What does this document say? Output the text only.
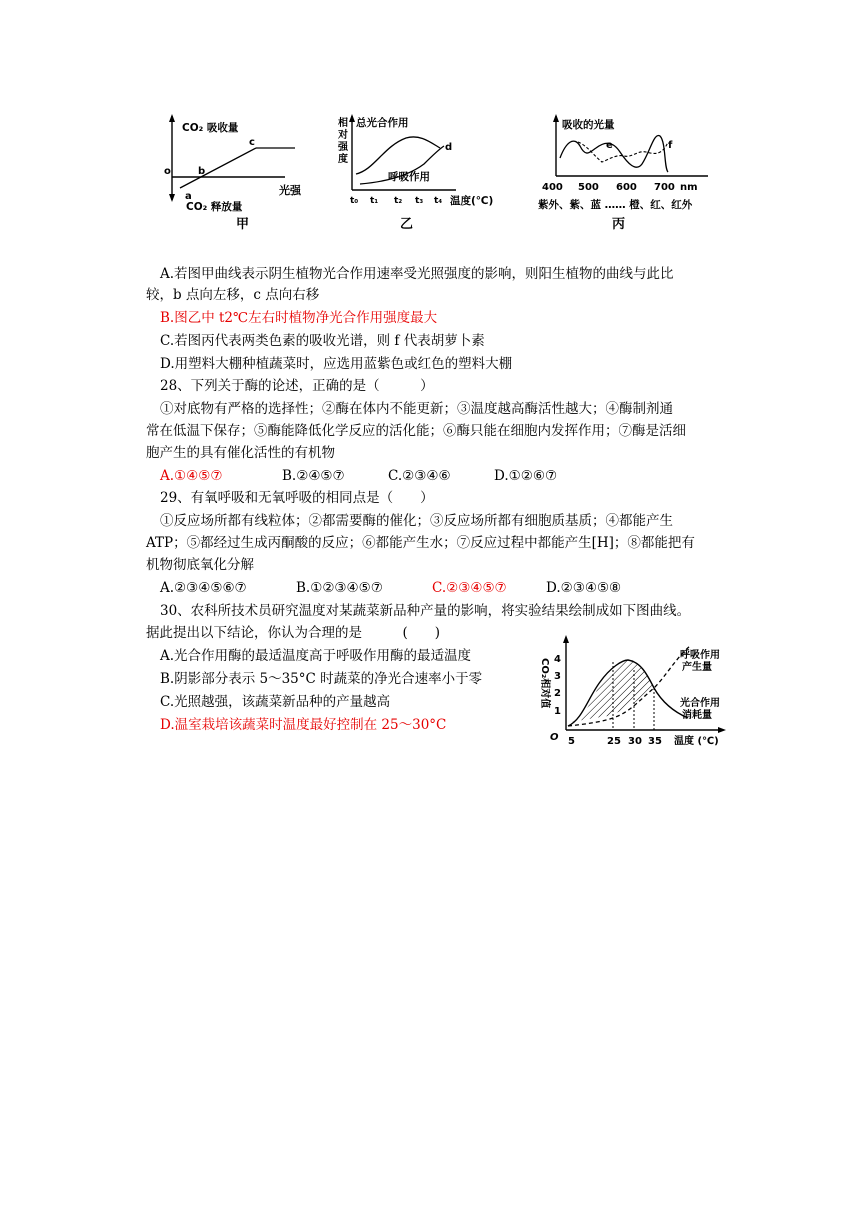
o
CO₂ 吸收量
CO₂ 释放量
光强
a
b
c
甲
相
对
强
度
总光合作用
d
呼吸作用
温度(℃)
t₀ t₁ t₂ t₃ t₄
乙
吸收的光量
e	f
400 500 600 700 nm
紫外、紫、蓝 …… 橙、红、红外
丙
A.若图甲曲线表示阴生植物光合作用速率受光照强度的影响，则阳生植物的曲线与此比
较，b 点向左移，c 点向右移
B.图乙中 t2℃左右时植物净光合作用强度最大
C.若图丙代表两类色素的吸收光谱，则 f 代表胡萝卜素
D.用塑料大棚种植蔬菜时，应选用蓝紫色或红色的塑料大棚
28、下列关于酶的论述，正确的是（　　　）
①对底物有严格的选择性；②酶在体内不能更新；③温度越高酶活性越大；④酶制剂通
常在低温下保存；⑤酶能降低化学反应的活化能；⑥酶只能在细胞内发挥作用；⑦酶是活细
胞产生的具有催化活性的有机物
A.①④⑤⑦	B.②④⑤⑦	C.②③④⑥	D.①②⑥⑦
29、有氧呼吸和无氧呼吸的相同点是（　　）
①反应场所都有线粒体；②都需要酶的催化；③反应场所都有细胞质基质；④都能产生
ATP；⑤都经过生成丙酮酸的反应；⑥都能产生水；⑦反应过程中都能产生[H]；⑧都能把有
机物彻底氧化分解
A.②③④⑤⑥⑦	B.①②③④⑤⑦	C.②③④⑤⑦	D.②③④⑤⑧
30、农科所技术员研究温度对某蔬菜新品种产量的影响，将实验结果绘制成如下图曲线。
据此提出以下结论，你认为合理的是　　　(　　)
A.光合作用酶的最适温度高于呼吸作用酶的最适温度
B.阴影部分表示 5～35°C 时蔬菜的净光合速率小于零
C.光照越强，该蔬菜新品种的产量越高
D.温室栽培该蔬菜时温度最好控制在 25～30°C
CO₂相对值
1
2
3
4
O 5	25 30 35 温度 (℃)
呼吸作用
产生量
光合作用
消耗量
